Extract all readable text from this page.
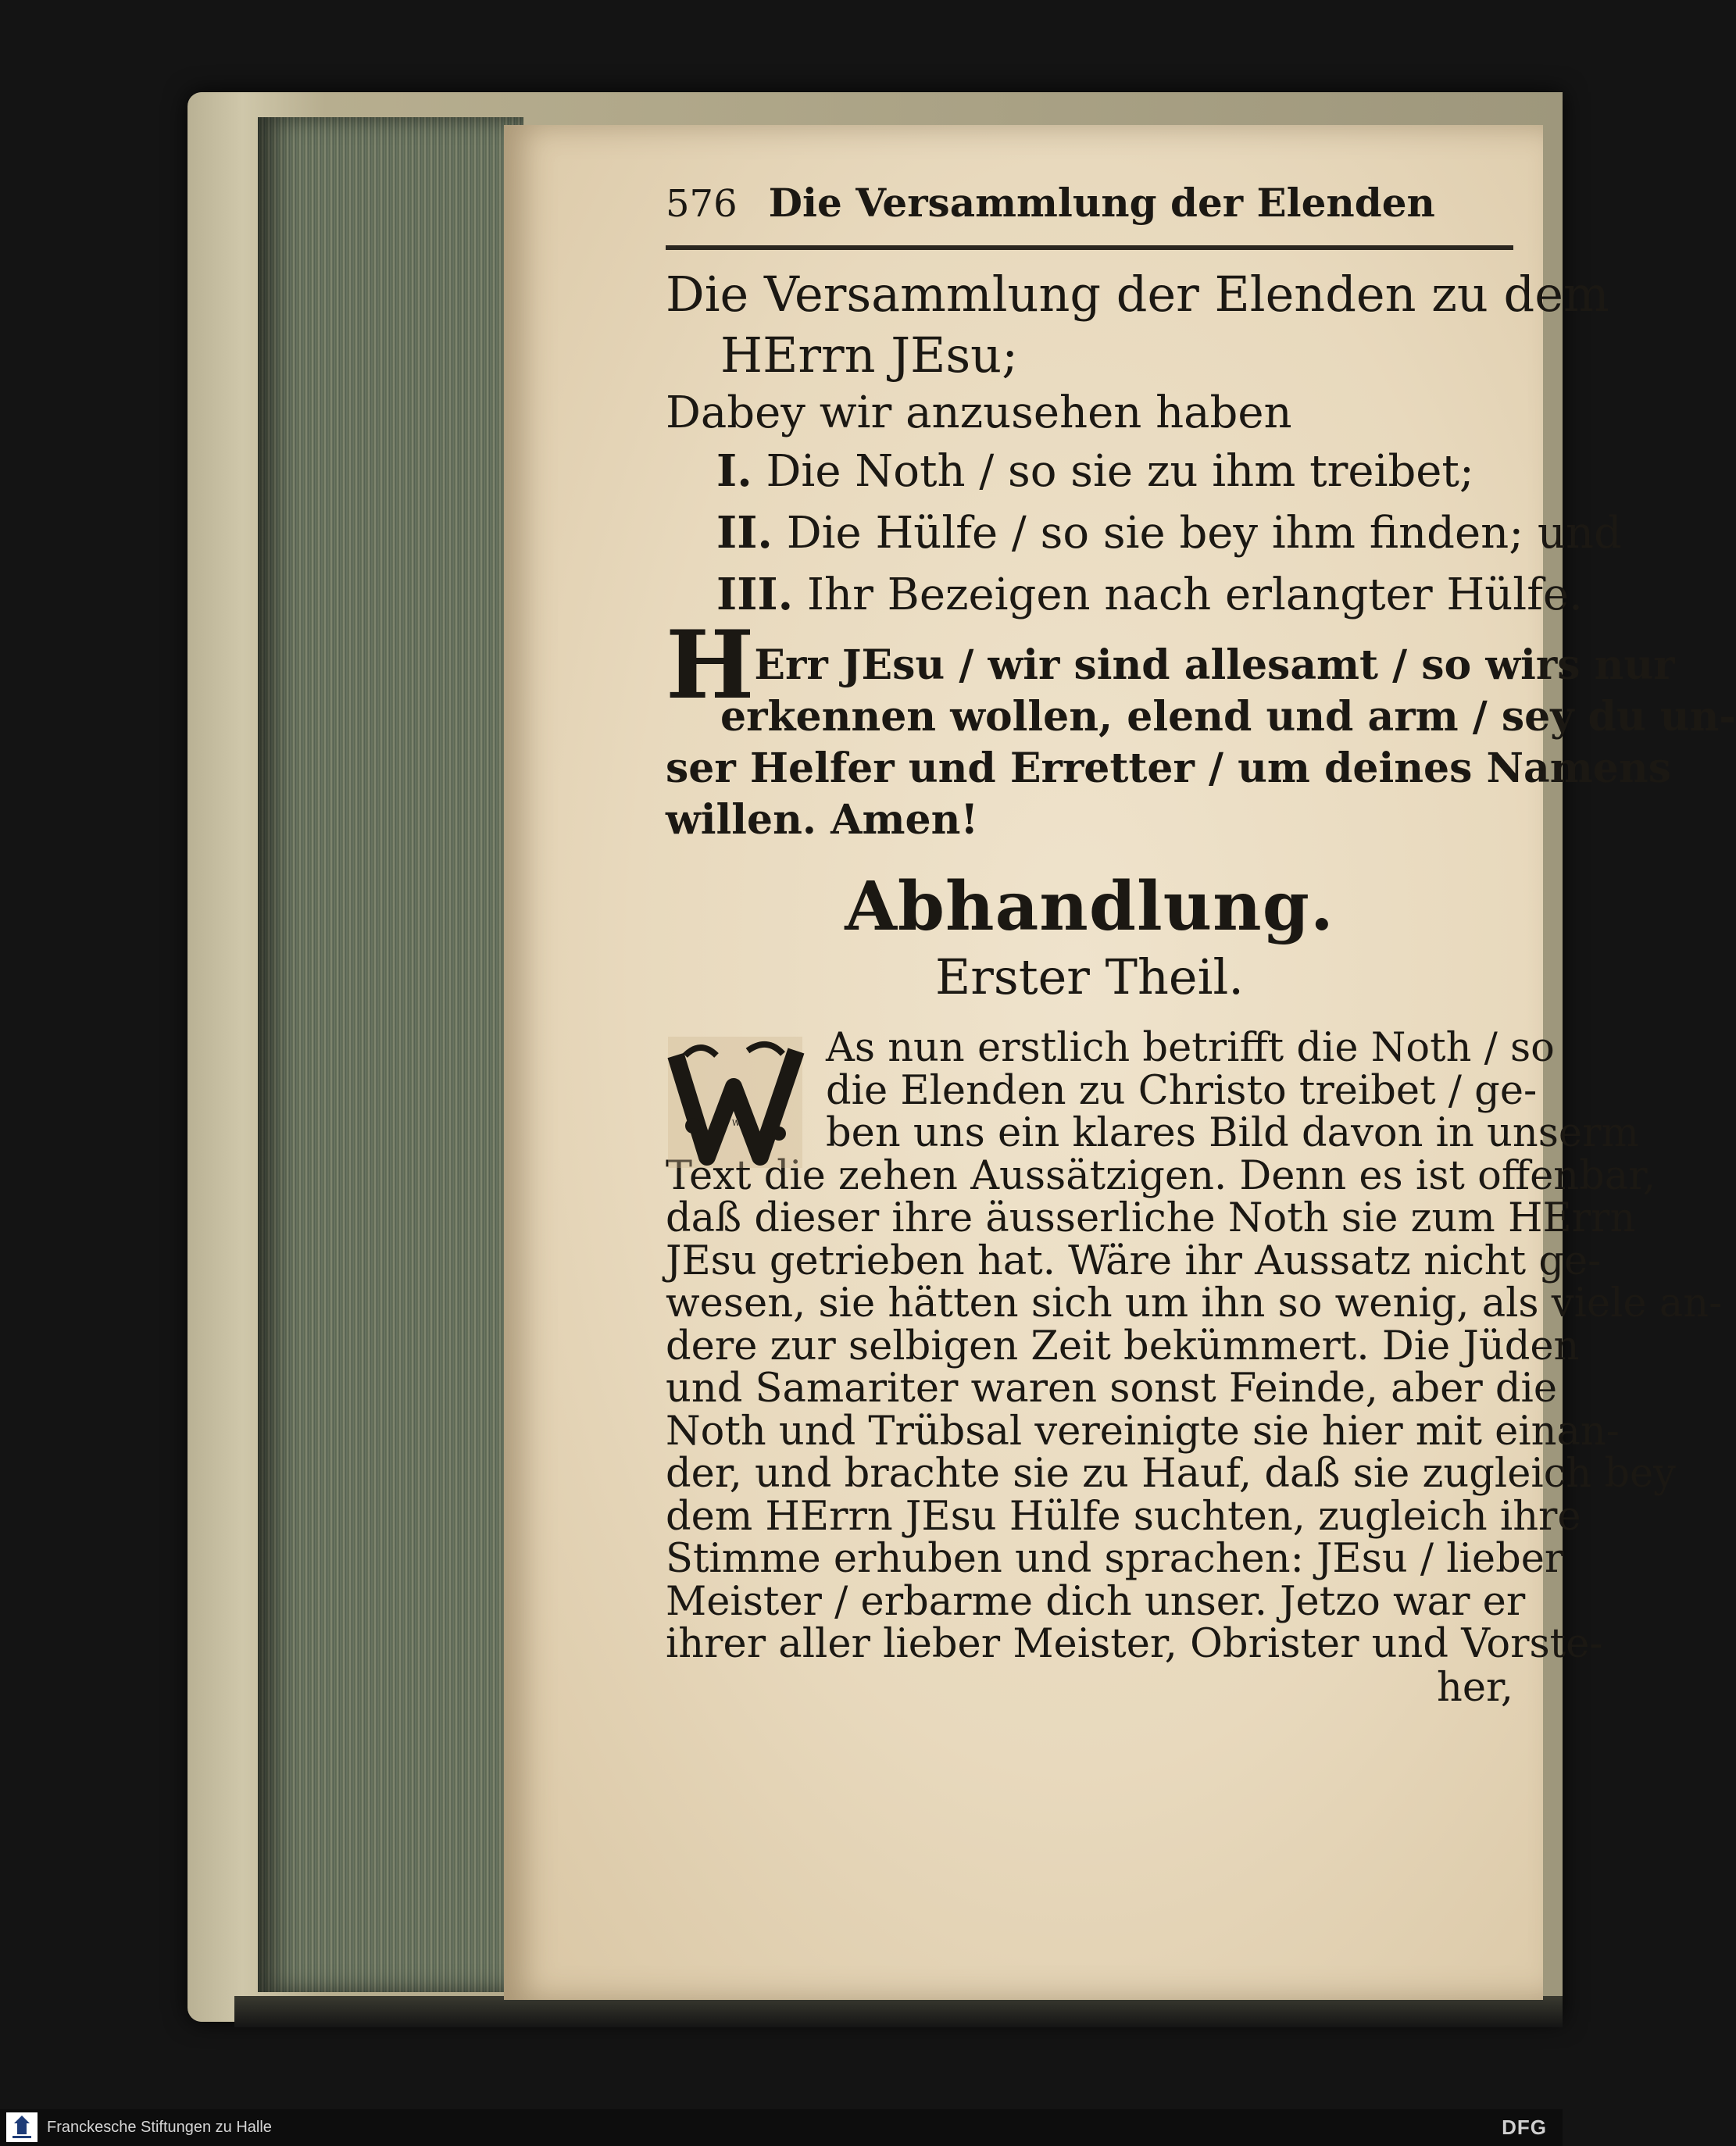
576 Die Versammlung der Elenden
Die Versammlung der Elenden zu dem
HErrn JEsu;
Dabey wir anzusehen haben
I. Die Noth / so sie zu ihm treibet;
II. Die Hülfe / so sie bey ihm finden; und
III. Ihr Bezeigen nach erlangter Hülfe.
HErr JEsu / wir sind allesamt / so wirs nur
erkennen wollen, elend und arm / sey du un-
ser Helfer und Erretter / um deines Namens
willen. Amen!
Abhandlung.
Erster Theil.
W
As nun erstlich betrifft die Noth / so
die Elenden zu Christo treibet / ge-
ben uns ein klares Bild davon in unserm
Text die zehen Aussätzigen. Denn es ist offenbar,
daß dieser ihre äusserliche Noth sie zum HErrn
JEsu getrieben hat. Wäre ihr Aussatz nicht ge-
wesen, sie hätten sich um ihn so wenig, als viele an-
dere zur selbigen Zeit bekümmert. Die Jüden
und Samariter waren sonst Feinde, aber die
Noth und Trübsal vereinigte sie hier mit einan-
der, und brachte sie zu Hauf, daß sie zugleich bey
dem HErrn JEsu Hülfe suchten, zugleich ihre
Stimme erhuben und sprachen: JEsu / lieber
Meister / erbarme dich unser. Jetzo war er
ihrer aller lieber Meister, Obrister und Vorste-
her,
Franckesche Stiftungen zu Halle	DFG
